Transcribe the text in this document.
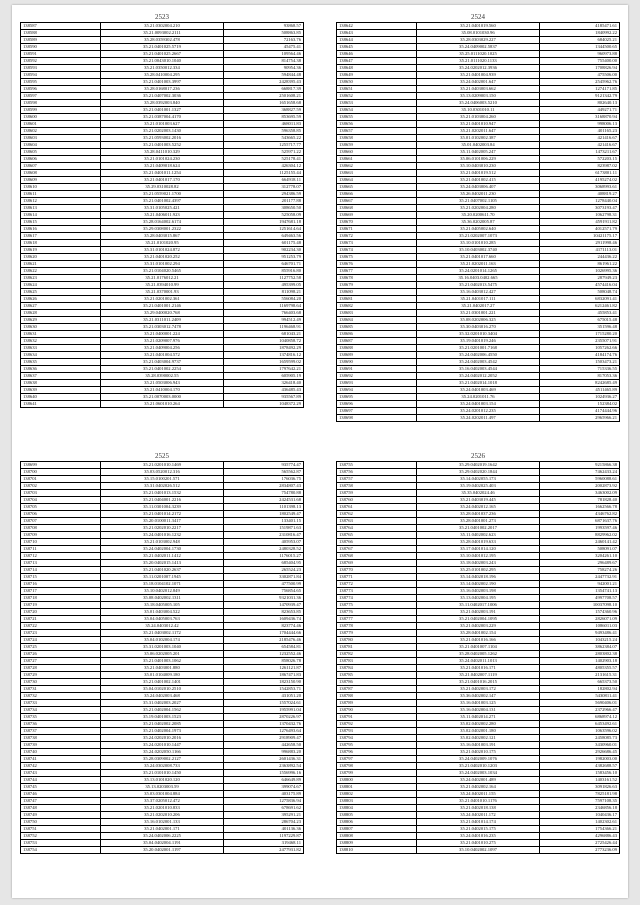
2523
138587	35.21.0302004.210	93868.57
138588	35.21.0093002.2111	508863.85
138589	35.28.0359302.478	72163.76
138590	35.21.0401025.5719	45475.41
138591	35.21.0401025.2667	109564.46
138592	35.21.0043010.1040	814754.38
138593	35.21.0350012.334	90954.36
138594	35.28.0410004.295	594844.48
138595	35.21.0401003.3997	2428395.43
138596	35.28.0168017.236	668817.39
138597	35.21.0407002.3036	2501608.21
138598	35.28.0392003.840	1651658.68
138599	35.21.0401001.1327	368827.59
138600	35.21.0387004.4170	853695.59
138601	35.21.0101003.627	468011.83
138602	35.21.0202003.1430	596358.85
138603	35.21.0593002.2016	543665.22
138604	35.21.0401003.5252	1255717.77
138605	35.28.0411010.329	525971.22
138606	35.21.0101024.230	525178.41
138607	35.21.0409018.624	426304.12
138608	35.21.0401011.1254	1125155.44
138609	35.21.0401017.170	664918.11
138610	35.29.0310028.82	312778.07
138611	35.21.0559021.1700	294386.59
138612	35.21.0401002.4397	201177.88
138613	35.31.0105025.421	308650.50
138614	35.21.0406011.923	525058.09
138615	35.28.0164002.6174	1947681.18
138616	35.29.0308001.2322	1251614.64
138617	35.28.0403015.867	649463.56
138618	35.21.0101020.95	601175.48
138619	35.31.0101024.872	902234.30
138620	35.21.0401020.252	951253.79
138621	35.31.0101002.294	646701.71
138622	35.21.0104020.5465	855916.80
138623	35.21.0176012.21	1127752.58
138624	35.21.0394010.99	495399.05
138625	35.21.0370001.93	811098.21
138626	35.21.0201002.361	556084.20
138627	35.21.0401001.2146	1169798.64
138628	35.29.0400020.768	766403.68
138629	35.21.0311011.2409	994512.49
138630	35.21.0303012.7478	1196468.91
138631	35.21.0400001.224	681043.21
138632	35.21.0209007.976	1040858.72
138633	35.21.0409004.256	1878492.29
138634	35.21.0401004.572	1374816.12
138635	35.21.0403004.9737	1659599.02
138636	35.21.0401002.2254	1797642.21
138637	35.28.0390002.55	605905.19
138638	35.21.0503006.943	326418.40
138639	35.21.0410004.170	436485.43
138640	35.21.0070003.0000	935567.89
138641	35.21.0601010.264	1048372.29
2524
138642	35.21.0401019.560	4185471.61
138643	35.08.0101030.96	1840992.22
138644	35.28.0303029.227	684025.21
138645	35.24.0409002.5837	1344500.65
138646	35.25.0111020.1025	960973.88
138647	35.21.0111020.1133	755400.00
138648	35.24.0202012.3936	1708826.94
138649	35.21.0401004.939	475506.00
138650	35.24.0402001.647	2545962.76
138651	35.21.0403003.662	1274171.85
138652	35.13.0209003.150	9121342.79
138653	35.24.0406003.5210	802640.13
138654	35.10.0301010.11	449271.71
138655	35.21.0103004.260	3168870.94
138656	35.21.0401010.947	998006.13
138657	35.21.0202011.647	401165.23
138658	35.01.0102002.387	421416.67
138659	35.01.0402003.84	421416.67
138660	35.11.0402005.247	1473211.67
138661	35.06.0101006.229	572203.15
138662	35.10.0403010.230	823987.02
138663	35.21.0401019.512	6173801.11
138664	35.21.0401002.415	4195274.02
138665	35.24.0403006.407	3068993.61
138666	35.26.0402011.230	408819.27
138667	35.21.0407002.1105	1278440.04
138668	35.21.0202004.280	3073193.47
138669	35.20.0200611.70	1062798.31
138670	35.36.0202005.87	4591911.82
138671	35.21.0405002.640	4012571.79
138672	35.21.0202007.1073	10421175.17
138673	35.10.0101010.285	2911998.46
138674	35.10.0403002.3740	4171113.01
138675	35.21.0401017.660	244436.22
138676	35.21.0202011.163	861961.22
138677	35.24.0201014.1265	1026995.36
138678	35.16.0403.0402.665	287949.23
138679	35.21.0402013.5475	4574416.04
138680	35.16.0403012.427	508048.74
138681	35.21.0401017.111	6832091.41
138682	35.21.0402017.27	6212461.82
138683	35.21.0301001.221	455853.41
138684	35.08.0202006.325	675015.48
138685	35.30.0403016.270	351596.48
138686	35.32.0201010.3404	1715280.20
138687	35.19.0401019.246	2355071.91
138688	35.21.0201001.7168	1057262.66
138689	35.24.0402006.4550	4184174.76
138690	35.24.0402003.4542	1503473.21
138691	35.16.0402003.4544	715336.55
138692	35.24.0402012.2052	817053.36
138693	35.21.0402014.1018	8242685.49
138694	35.24.0401003.469	4511465.89
138695	35.24.0201011.76	1024936.27
138696	35.24.0401003.154	152384.02
138697	35.24.0201012.235	4174444.96
138698	35.24.0202011.497	2965966.21
2525
138699	35.21.0201010.1469	935774.47
138700	35.03.0520012.316	565562.87
138701	35.15.0100201.571	176036.75
138702	35.31.0402026.512	2834807.43
138703	35.21.0401013.1532	754780.88
138704	35.21.0404001.2216	2424531.68
138705	35.11.0301004.3239	1101398.13
138706	35.21.0401014.2172	1802549.47
138707	35.20.0100011.3417	133401.15
138708	35.21.0202010.2217	1519871.63
138709	35.24.0401016.1232	2310816.47
138710	35.21.0103002.948	405953.07
138711	35.24.0402004.1730	2480328.52
138712	35.21.0402011.1412	1176015.27
138713	35.20.0402015.1413	685404.95
138714	35.21.0401020.2637	265524.23
138715	35.11.0201007.1945	3302871.84
138716	35.18.0104102.1071	477500.99
138717	35.10.0402012.849	756854.65
138718	35.08.0402002.1311	9321031.36
138719	35.18.0405005.105	1470939.47
138720	35.01.0403004.522	823653.85
138721	35.04.0405003.763	1609436.74
138722	35.24.0403012.42	823774.46
138723	35.21.0403002.1172	1704444.66
138724	35.04.0102004.174	2185476.46
138725	35.31.0201003.1040	654584.81
138726	35.06.0202005.201	1232552.46
138727	35.21.0401003.1062	858026.78
138728	35.21.0403001.880	1261121.87
138729	35.01.0104009.180	1867471.83
138730	35.21.0401002.1401	1823150.90
138731	35.04.0102010.2510	1542853.71
138732	35.24.0402003.468	431051.20
138733	35.31.0402003.2027	1557024.61
138734	35.21.0402004.1562	1955991.04
138735	35.19.0401003.1523	2870226.97
138736	35.21.0402002.2085	1370432.76
138737	35.21.0402004.1973	1276493.64
138738	35.24.0202010.2016	2918909.47
138739	35.24.0201010.1447	442658.50
138740	35.24.0202050.1166	996883.20
138741	35.28.0309002.2127	2601436.31
138742	35.24.0302008.733	2363892.54
138743	35.21.0101010.1450	1556996.16
138744	35.13.0101020.120	646649.89
138745	35.13.0203003.59	399074.67
138746	35.03.0301004.884	403175.89
138747	35.37.0205012.472	1275836.94
138748	35.21.0201010.833	678691.62
138749	35.21.0202010.206	395291.21
138750	35.16.0102001.133	286704.23
138751	35.21.0402001.171	401136.36
138752	35.24.0402006.2225	1197229.87
138753	35.04.0402004.1191	319468.11
138754	35.20.0402001.1197	2477931.82
2526
138755	35.29.0402019.1642	9215866.38
138756	35.29.0402020.1844	7462433.24
138757	35.14.0402055.173	5960088.61
138758	35.19.0402025.403	2002873.92
138759	35.35.0402024.46	3463002.09
138760	35.21.0403019.445	781828.40
138761	35.24.0402012.165	1662566.78
138762	35.28.0401037.236	4346762.82
138763	35.28.0401001.273	6871637.76
138764	35.21.0401002.2017	1993597.46
138765	35.11.0402002.623	8829962.02
138766	35.28.0401019.633	2460141.42
138767	35.17.0401014.120	508091.07
138768	35.10.0401012.195	3204261.10
138769	35.18.0402003.243	296489.67
138770	35.25.0101002.295	758274.26
138771	35.14.0402018.196	2447732.91
138772	35.14.0402002.190	942001.21
138773	35.16.0402003.198	1354741.13
138774	35.13.0402004.195	4997708.57
138775	35.11.0402017.1006	10037098.10
138776	35.21.0402003.191	1574360.96
138777	35.21.0402004.1095	2826071.09
138778	35.21.0402003.229	1086011.03
138779	35.28.0401002.154	9493486.41
138780	35.21.0401016.166	1043215.24
138781	35.21.0401007.1104	3862384.07
138782	35.28.0402005.1262	2803802.38
138783	35.24.0402011.1013	1402903.18
138784	35.21.0401016.171	4805355.57
138785	35.21.0402007.1119	2131615.31
138786	35.21.0401016.2015	665373.50
138787	35.21.0402003.172	182802.94
138788	35.36.0402002.147	5430811.41
138789	35.16.0401003.125	5690406.01
138790	35.16.0402004.131	2372966.47
138791	35.11.0402014.271	6868974.12
138792	35.02.0402002.280	6453492.61
138793	35.02.0402001.180	1063596.02
138794	35.02.0402002.121	2458085.73
138795	35.16.0401003.191	3430960.01
138796	35.21.0402010.175	2926686.45
138797	35.24.0402009.1076	1982003.00
138798	35.21.0402010.1203	4382688.57
138799	35.24.0402003.1034	1583456.10
138800	35.24.0402001.489	1403161.52
138801	35.21.0402002.164	3091826.63
138802	35.24.0402011.155	7825181.98
138803	35.21.0401010.1176	7597108.35
138804	35.21.0402018.138	2346856.18
138805	35.24.0402011.172	1040436.17
138806	35.21.0401014.174	1402302.61
138807	35.21.0402015.175	1754366.21
138808	35.24.0401016.235	4296886.43
138809	35.21.0401010.275	2725426.44
138810	35.10.0402002.1097	2773236.09
